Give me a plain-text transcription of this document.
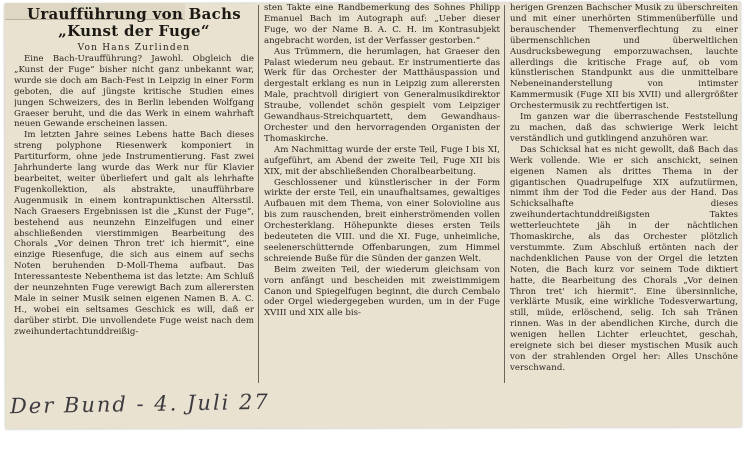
Uraufführung von Bachs
„Kunst der Fuge“
Von Hans Zurlinden

Eine Bach-Uraufführung? Jawohl. Obgleich die „Kunst der Fuge“ bisher nicht ganz unbekannt war, wurde sie doch am Bach-Fest in Leipzig in einer Form geboten, die auf jüngste kritische Studien eines jungen Schweizers, des in Berlin lebenden Wolfgang Graeser beruht, und die das Werk in einem wahrhaft neuen Gewande erscheinen lassen.

Im letzten Jahre seines Lebens hatte Bach dieses streng polyphone Riesenwerk komponiert in Partiturform, ohne jede Instrumentierung. Fast zwei Jahrhunderte lang wurde das Werk nur für Klavier bearbeitet, weiter überliefert und galt als lehrhafte Fugenkollektion, als abstrakte, unaufführbare Augenmusik in einem kontrapunktischen Altersstil. Nach Graesers Ergebnissen ist die „Kunst der Fuge“, bestehend aus neunzehn Einzelfugen und einer abschließenden vierstimmigen Bearbeitung des Chorals „Vor deinen Thron tret' ich hiermit“, eine einzige Riesenfuge, die sich aus einem auf sechs Noten beruhenden D-Moll-Thema aufbaut. Das Interessanteste Nebenthema ist das letzte: Am Schluß der neunzehnten Fuge verewigt Bach zum allerersten Male in seiner Musik seinen eigenen Namen B. A. C. H., wobei ein seltsames Geschick es will, daß er darüber stirbt. Die unvollendete Fuge weist nach dem zweihundertachtunddreißig-

sten Takte eine Randbemerkung des Sohnes Philipp Emanuel Bach im Autograph auf: „Ueber dieser Fuge, wo der Name B. A. C. H. im Kontrasubjekt angebracht worden, ist der Verfasser gestorben.“

Aus Trümmern, die herumlagen, hat Graeser den Palast wiederum neu gebaut. Er instrumentierte das Werk für das Orchester der Matthäuspassion und dergestalt erklang es nun in Leipzig zum allerersten Male, prachtvoll dirigiert von Generalmusikdirektor Straube, vollendet schön gespielt vom Leipziger Gewandhaus-Streichquartett, dem Gewandhaus-Orchester und den hervorragenden Organisten der Thomaskirche.

Am Nachmittag wurde der erste Teil, Fuge I bis XI, aufgeführt, am Abend der zweite Teil, Fuge XII bis XIX, mit der abschließenden Choralbearbeitung.

Geschlossener und künstlerischer in der Form wirkte der erste Teil, ein unaufhaltsames, gewaltiges Aufbauen mit dem Thema, von einer Solovioline aus bis zum rauschenden, breit einherströmenden vollen Orchesterklang. Höhepunkte dieses ersten Teils bedeuteten die VIII. und die XI. Fuge, unheimliche, seelenerschütternde Offenbarungen, zum Himmel schreiende Buße für die Sünden der ganzen Welt.

Beim zweiten Teil, der wiederum gleichsam von vorn anfängt und bescheiden mit zweistimmigem Canon und Spiegelfugen beginnt, die durch Cembalo oder Orgel wiedergegeben wurden, um in der Fuge XVIII und XIX alle bis-

herigen Grenzen Bachscher Musik zu überschreiten und mit einer unerhörten Stimmenüberfülle und berauschender Themenverflechtung zu einer übermenschlichen und überweltlichen Ausdrucksbewegung emporzuwachsen, lauchte allerdings die kritische Frage auf, ob vom künstlerischen Standpunkt aus die unmittelbare Nebeneinanderstellung von intimster Kammermusik (Fuge XII bis XVII) und allergrößter Orchestermusik zu rechtfertigen ist.

Im ganzen war die überraschende Feststellung zu machen, daß das schwierige Werk leicht verständlich und gutklingend anzuhören war.

Das Schicksal hat es nicht gewollt, daß Bach das Werk vollende. Wie er sich anschickt, seinen eigenen Namen als drittes Thema in der gigantischen Quadrupelfuge XIX aufzutürmen, nimmt ihm der Tod die Feder aus der Hand. Das Schicksalhafte dieses zweihundertachtunddreißigsten Taktes wetterleuchtete jäh in der nächtlichen Thomaskirche, als das Orchester plötzlich verstummte. Zum Abschluß ertönten nach der nachdenklichen Pause von der Orgel die letzten Noten, die Bach kurz vor seinem Tode diktiert hatte, die Bearbeitung des Chorals „Vor deinen Thron tret' ich hiermit“. Eine übersinnliche, verklärte Musik, eine wirkliche Todesverwartung, still, müde, erlöschend, selig. Ich sah Tränen rinnen. Was in der abendlichen Kirche, durch die wenigen hellen Lichter erleuchtet, geschah, ereignete sich bei dieser mystischen Musik auch von der strahlenden Orgel her: Alles Unschöne verschwand.

Der Bund - 4. Juli 27
